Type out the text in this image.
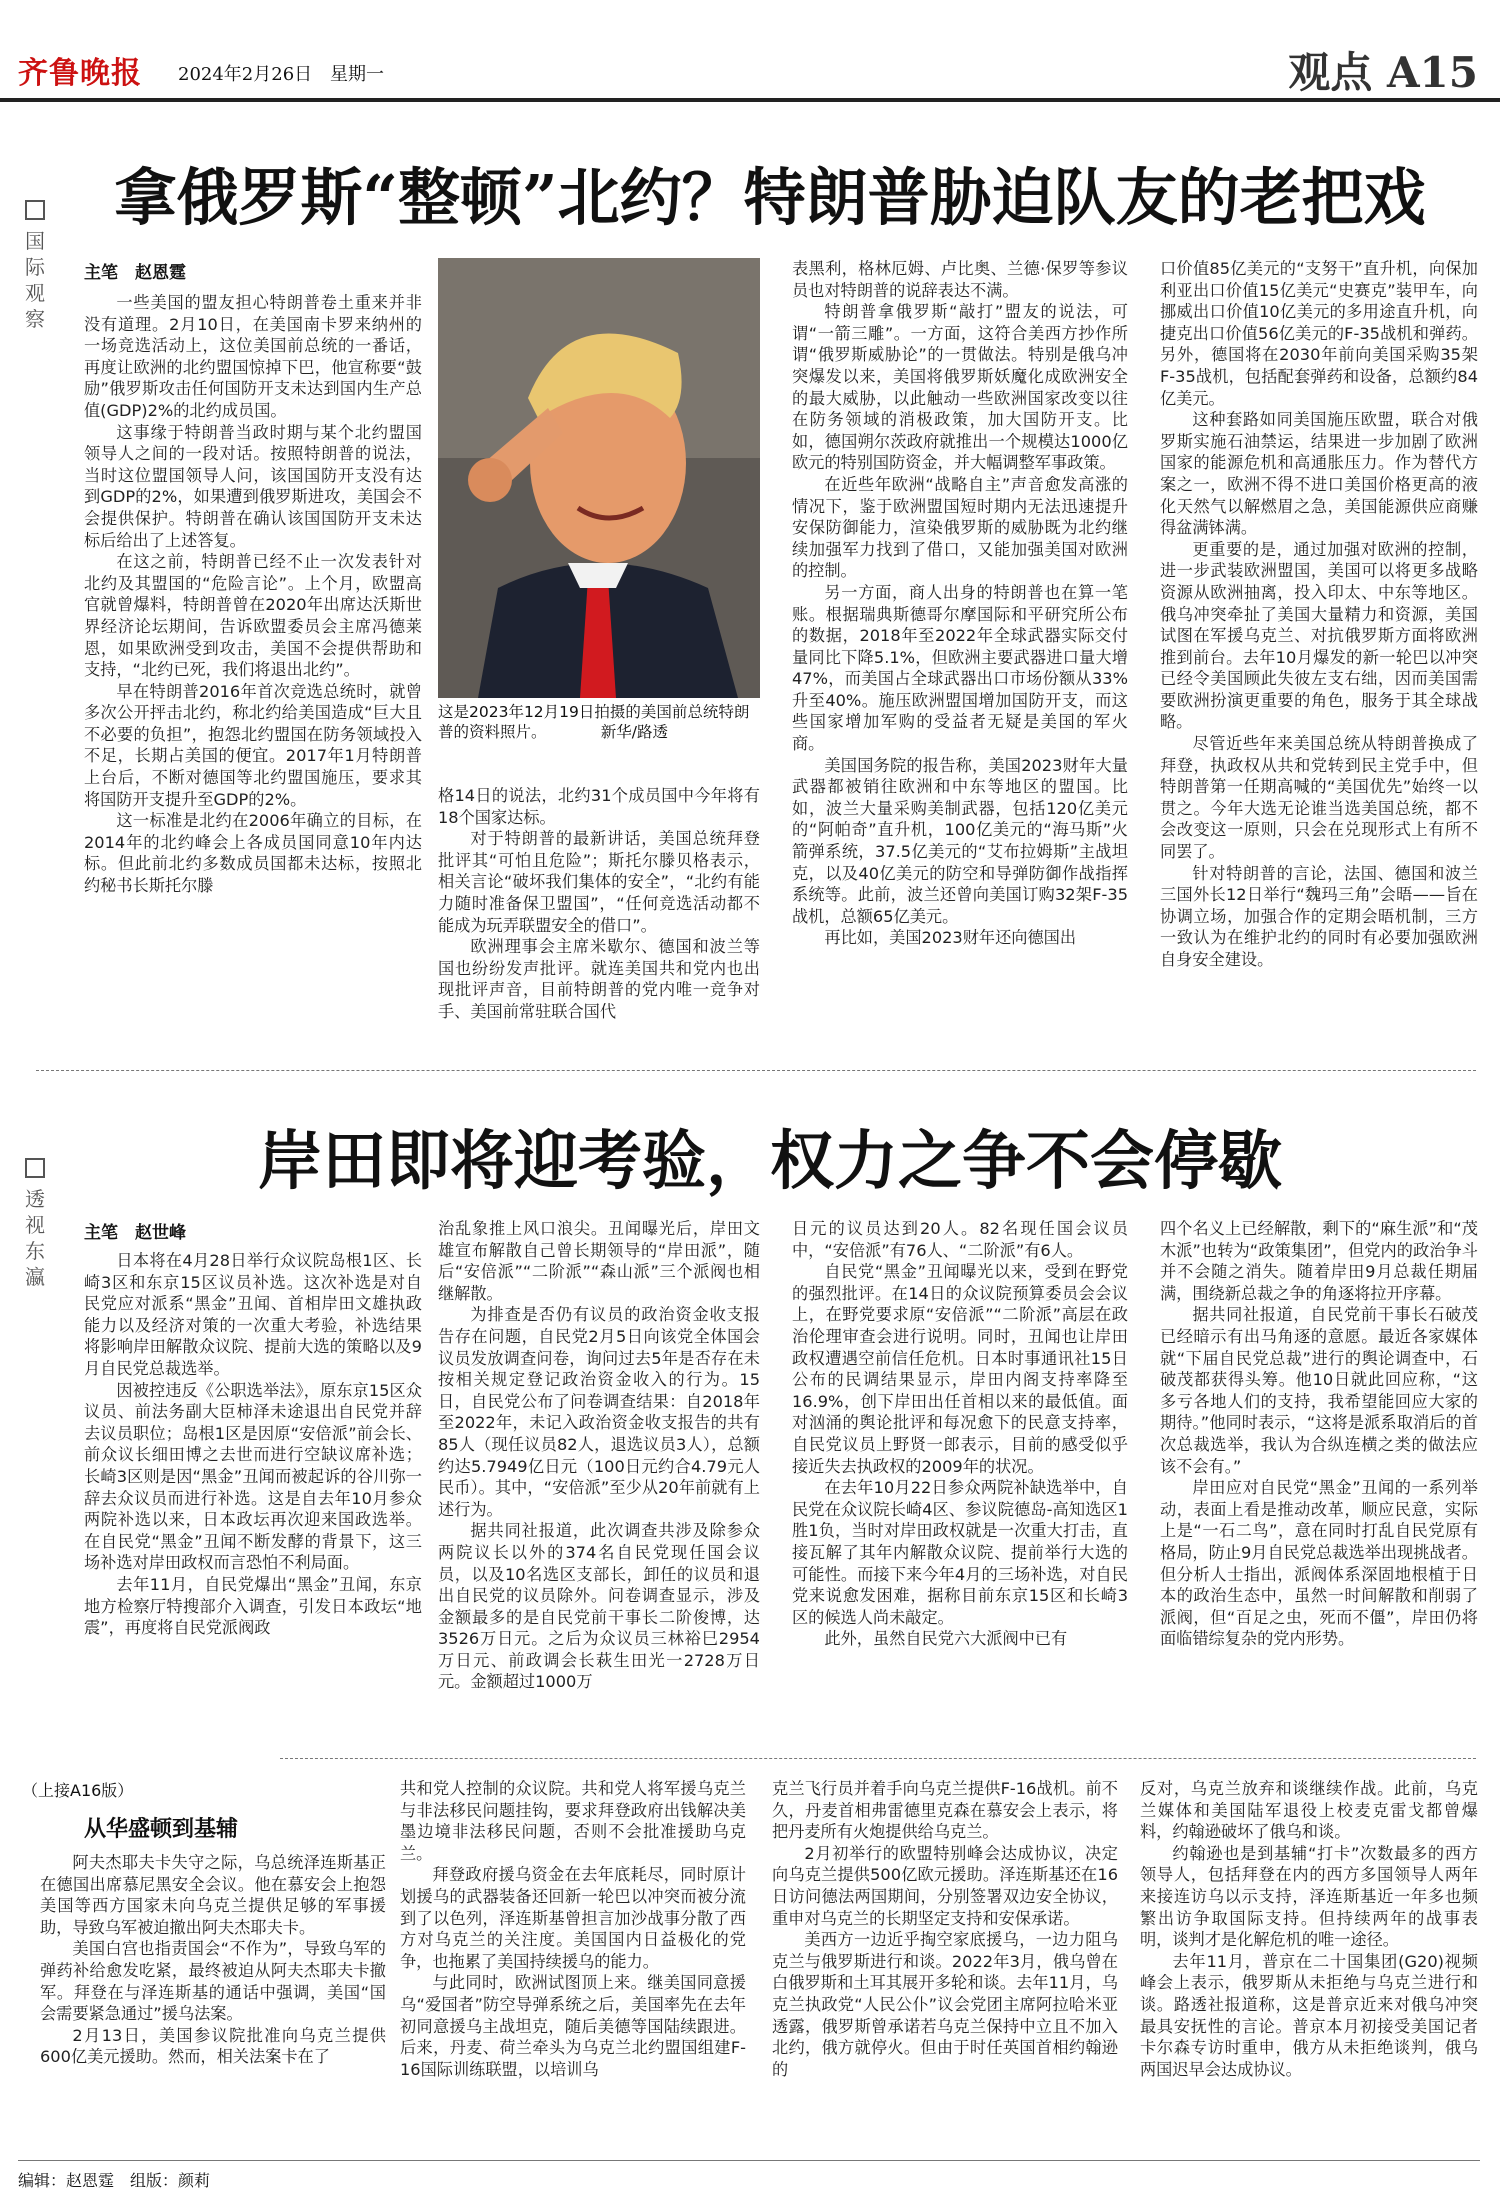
齐鲁晚报 2024年2月26日 星期一	观点 A15
国际观察
拿俄罗斯“整顿”北约？特朗普胁迫队友的老把戏
主笔　赵恩霆

一些美国的盟友担心特朗普卷土重来并非没有道理。2月10日，在美国南卡罗来纳州的一场竞选活动上，这位美国前总统的一番话，再度让欧洲的北约盟国惊掉下巴，他宣称要“鼓励”俄罗斯攻击任何国防开支未达到国内生产总值(GDP)2%的北约成员国。

这事缘于特朗普当政时期与某个北约盟国领导人之间的一段对话。按照特朗普的说法，当时这位盟国领导人问，该国国防开支没有达到GDP的2%，如果遭到俄罗斯进攻，美国会不会提供保护。特朗普在确认该国国防开支未达标后给出了上述答复。

在这之前，特朗普已经不止一次发表针对北约及其盟国的“危险言论”。上个月，欧盟高官就曾爆料，特朗普曾在2020年出席达沃斯世界经济论坛期间，告诉欧盟委员会主席冯德莱恩，如果欧洲受到攻击，美国不会提供帮助和支持，“北约已死，我们将退出北约”。

早在特朗普2016年首次竞选总统时，就曾多次公开抨击北约，称北约给美国造成“巨大且不必要的负担”，抱怨北约盟国在防务领域投入不足，长期占美国的便宜。2017年1月特朗普上台后，不断对德国等北约盟国施压，要求其将国防开支提升至GDP的2%。

这一标准是北约在2006年确立的目标，在2014年的北约峰会上各成员国同意10年内达标。但此前北约多数成员国都未达标，按照北约秘书长斯托尔滕

这是2023年12月19日拍摄的美国前总统特朗普的资料照片。　　　　新华/路透

格14日的说法，北约31个成员国中今年将有18个国家达标。

对于特朗普的最新讲话，美国总统拜登批评其“可怕且危险”；斯托尔滕贝格表示，相关言论“破坏我们集体的安全”，“北约有能力随时准备保卫盟国”，“任何竞选活动都不能成为玩弄联盟安全的借口”。

欧洲理事会主席米歇尔、德国和波兰等国也纷纷发声批评。就连美国共和党内也出现批评声音，目前特朗普的党内唯一竞争对手、美国前常驻联合国代

表黑利，格林厄姆、卢比奥、兰德·保罗等参议员也对特朗普的说辞表达不满。

特朗普拿俄罗斯“敲打”盟友的说法，可谓“一箭三雕”。一方面，这符合美西方抄作所谓“俄罗斯威胁论”的一贯做法。特别是俄乌冲突爆发以来，美国将俄罗斯妖魔化成欧洲安全的最大威胁，以此触动一些欧洲国家改变以往在防务领域的消极政策，加大国防开支。比如，德国朔尔茨政府就推出一个规模达1000亿欧元的特别国防资金，并大幅调整军事政策。

在近些年欧洲“战略自主”声音愈发高涨的情况下，鉴于欧洲盟国短时期内无法迅速提升安保防御能力，渲染俄罗斯的威胁既为北约继续加强军力找到了借口，又能加强美国对欧洲的控制。

另一方面，商人出身的特朗普也在算一笔账。根据瑞典斯德哥尔摩国际和平研究所公布的数据，2018年至2022年全球武器实际交付量同比下降5.1%，但欧洲主要武器进口量大增47%，而美国占全球武器出口市场份额从33%升至40%。施压欧洲盟国增加国防开支，而这些国家增加军购的受益者无疑是美国的军火商。

美国国务院的报告称，美国2023财年大量武器都被销往欧洲和中东等地区的盟国。比如，波兰大量采购美制武器，包括120亿美元的“阿帕奇”直升机，100亿美元的“海马斯”火箭弹系统，37.5亿美元的“艾布拉姆斯”主战坦克，以及40亿美元的防空和导弹防御作战指挥系统等。此前，波兰还曾向美国订购32架F-35战机，总额65亿美元。

再比如，美国2023财年还向德国出

口价值85亿美元的“支努干”直升机，向保加利亚出口价值15亿美元“史赛克”装甲车，向挪威出口价值10亿美元的多用途直升机，向捷克出口价值56亿美元的F-35战机和弹药。另外，德国将在2030年前向美国采购35架F-35战机，包括配套弹药和设备，总额约84亿美元。

这种套路如同美国施压欧盟，联合对俄罗斯实施石油禁运，结果进一步加剧了欧洲国家的能源危机和高通胀压力。作为替代方案之一，欧洲不得不进口美国价格更高的液化天然气以解燃眉之急，美国能源供应商赚得盆满钵满。

更重要的是，通过加强对欧洲的控制，进一步武装欧洲盟国，美国可以将更多战略资源从欧洲抽离，投入印太、中东等地区。俄乌冲突牵扯了美国大量精力和资源，美国试图在军援乌克兰、对抗俄罗斯方面将欧洲推到前台。去年10月爆发的新一轮巴以冲突已经令美国顾此失彼左支右绌，因而美国需要欧洲扮演更重要的角色，服务于其全球战略。

尽管近些年来美国总统从特朗普换成了拜登，执政权从共和党转到民主党手中，但特朗普第一任期高喊的“美国优先”始终一以贯之。今年大选无论谁当选美国总统，都不会改变这一原则，只会在兑现形式上有所不同罢了。

针对特朗普的言论，法国、德国和波兰三国外长12日举行“魏玛三角”会晤——旨在协调立场，加强合作的定期会晤机制，三方一致认为在维护北约的同时有必要加强欧洲自身安全建设。

透视东瀛
岸田即将迎考验，权力之争不会停歇
主笔　赵世峰

日本将在4月28日举行众议院岛根1区、长崎3区和东京15区议员补选。这次补选是对自民党应对派系“黑金”丑闻、首相岸田文雄执政能力以及经济对策的一次重大考验，补选结果将影响岸田解散众议院、提前大选的策略以及9月自民党总裁选举。

因被控违反《公职选举法》，原东京15区众议员、前法务副大臣柿泽未途退出自民党并辞去议员职位；岛根1区是因原“安倍派”前会长、前众议长细田博之去世而进行空缺议席补选；长崎3区则是因“黑金”丑闻而被起诉的谷川弥一辞去众议员而进行补选。这是自去年10月参众两院补选以来，日本政坛再次迎来国政选举。在自民党“黑金”丑闻不断发酵的背景下，这三场补选对岸田政权而言恐怕不利局面。

去年11月，自民党爆出“黑金”丑闻，东京地方检察厅特搜部介入调查，引发日本政坛“地震”，再度将自民党派阀政

治乱象推上风口浪尖。丑闻曝光后，岸田文雄宣布解散自己曾长期领导的“岸田派”，随后“安倍派”“二阶派”“森山派”三个派阀也相继解散。

为排查是否仍有议员的政治资金收支报告存在问题，自民党2月5日向该党全体国会议员发放调查问卷，询问过去5年是否存在未按相关规定登记政治资金收入的行为。15日，自民党公布了问卷调查结果：自2018年至2022年，未记入政治资金收支报告的共有85人（现任议员82人，退选议员3人），总额约达5.7949亿日元（100日元约合4.79元人民币）。其中，“安倍派”至少从20年前就有上述行为。

据共同社报道，此次调查共涉及除参众两院议长以外的374名自民党现任国会议员，以及10名选区支部长，卸任的议员和退出自民党的议员除外。问卷调查显示，涉及金额最多的是自民党前干事长二阶俊博，达3526万日元。之后为众议员三林裕巳2954万日元、前政调会长萩生田光一2728万日元。金额超过1000万

日元的议员达到20人。82名现任国会议员中，“安倍派”有76人、“二阶派”有6人。

自民党“黑金”丑闻曝光以来，受到在野党的强烈批评。在14日的众议院预算委员会会议上，在野党要求原“安倍派”“二阶派”高层在政治伦理审查会进行说明。同时，丑闻也让岸田政权遭遇空前信任危机。日本时事通讯社15日公布的民调结果显示，岸田内阁支持率降至16.9%，创下岸田出任首相以来的最低值。面对汹涌的舆论批评和每况愈下的民意支持率，自民党议员上野贤一郎表示，目前的感受似乎接近失去执政权的2009年的状况。

在去年10月22日参众两院补缺选举中，自民党在众议院长崎4区、参议院德岛-高知选区1胜1负，当时对岸田政权就是一次重大打击，直接瓦解了其年内解散众议院、提前举行大选的可能性。而接下来今年4月的三场补选，对自民党来说愈发困难，据称目前东京15区和长崎3区的候选人尚未敲定。

此外，虽然自民党六大派阀中已有

四个名义上已经解散，剩下的“麻生派”和“茂木派”也转为“政策集团”，但党内的政治争斗并不会随之消失。随着岸田9月总裁任期届满，围绕新总裁之争的角逐将拉开序幕。

据共同社报道，自民党前干事长石破茂已经暗示有出马角逐的意愿。最近各家媒体就“下届自民党总裁”进行的舆论调查中，石破茂都获得头筹。他10日就此回应称，“这多亏各地人们的支持，我希望能回应大家的期待。”他同时表示，“这将是派系取消后的首次总裁选举，我认为合纵连横之类的做法应该不会有。”

岸田应对自民党“黑金”丑闻的一系列举动，表面上看是推动改革，顺应民意，实际上是“一石二鸟”，意在同时打乱自民党原有格局，防止9月自民党总裁选举出现挑战者。但分析人士指出，派阀体系深固地根植于日本的政治生态中，虽然一时间解散和削弱了派阀，但“百足之虫，死而不僵”，岸田仍将面临错综复杂的党内形势。

（上接A16版）
从华盛顿到基辅

阿夫杰耶夫卡失守之际，乌总统泽连斯基正在德国出席慕尼黑安全会议。他在慕安会上抱怨美国等西方国家未向乌克兰提供足够的军事援助，导致乌军被迫撤出阿夫杰耶夫卡。

美国白宫也指责国会“不作为”，导致乌军的弹药补给愈发吃紧，最终被迫从阿夫杰耶夫卡撤军。拜登在与泽连斯基的通话中强调，美国“国会需要紧急通过”援乌法案。

2月13日，美国参议院批准向乌克兰提供600亿美元援助。然而，相关法案卡在了

共和党人控制的众议院。共和党人将军援乌克兰与非法移民问题挂钩，要求拜登政府出钱解决美墨边境非法移民问题，否则不会批准援助乌克兰。

拜登政府援乌资金在去年底耗尽，同时原计划援乌的武器装备还回新一轮巴以冲突而被分流到了以色列，泽连斯基曾担言加沙战事分散了西方对乌克兰的关注度。美国国内日益极化的党争，也拖累了美国持续援乌的能力。

与此同时，欧洲试图顶上来。继美国同意援乌“爱国者”防空导弹系统之后，美国率先在去年初同意援乌主战坦克，随后美德等国陆续跟进。后来，丹麦、荷兰牵头为乌克兰北约盟国组建F-16国际训练联盟，以培训乌

克兰飞行员并着手向乌克兰提供F-16战机。前不久，丹麦首相弗雷德里克森在慕安会上表示，将把丹麦所有火炮提供给乌克兰。

2月初举行的欧盟特别峰会达成协议，决定向乌克兰提供500亿欧元援助。泽连斯基还在16日访问德法两国期间，分别签署双边安全协议，重申对乌克兰的长期坚定支持和安保承诺。

美西方一边近乎掏空家底援乌，一边力阻乌克兰与俄罗斯进行和谈。2022年3月，俄乌曾在白俄罗斯和土耳其展开多轮和谈。去年11月，乌克兰执政党“人民公仆”议会党团主席阿拉哈米亚透露，俄罗斯曾承诺若乌克兰保持中立且不加入北约，俄方就停火。但由于时任英国首相约翰逊的

反对，乌克兰放弃和谈继续作战。此前，乌克兰媒体和美国陆军退役上校麦克雷戈都曾爆料，约翰逊破坏了俄乌和谈。

约翰逊也是到基辅“打卡”次数最多的西方领导人，包括拜登在内的西方多国领导人两年来接连访乌以示支持，泽连斯基近一年多也频繁出访争取国际支持。但持续两年的战事表明，谈判才是化解危机的唯一途径。

去年11月，普京在二十国集团(G20)视频峰会上表示，俄罗斯从未拒绝与乌克兰进行和谈。路透社报道称，这是普京近来对俄乌冲突最具安抚性的言论。普京本月初接受美国记者卡尔森专访时重申，俄方从未拒绝谈判，俄乌两国迟早会达成协议。

编辑：赵恩霆　组版：颜莉
